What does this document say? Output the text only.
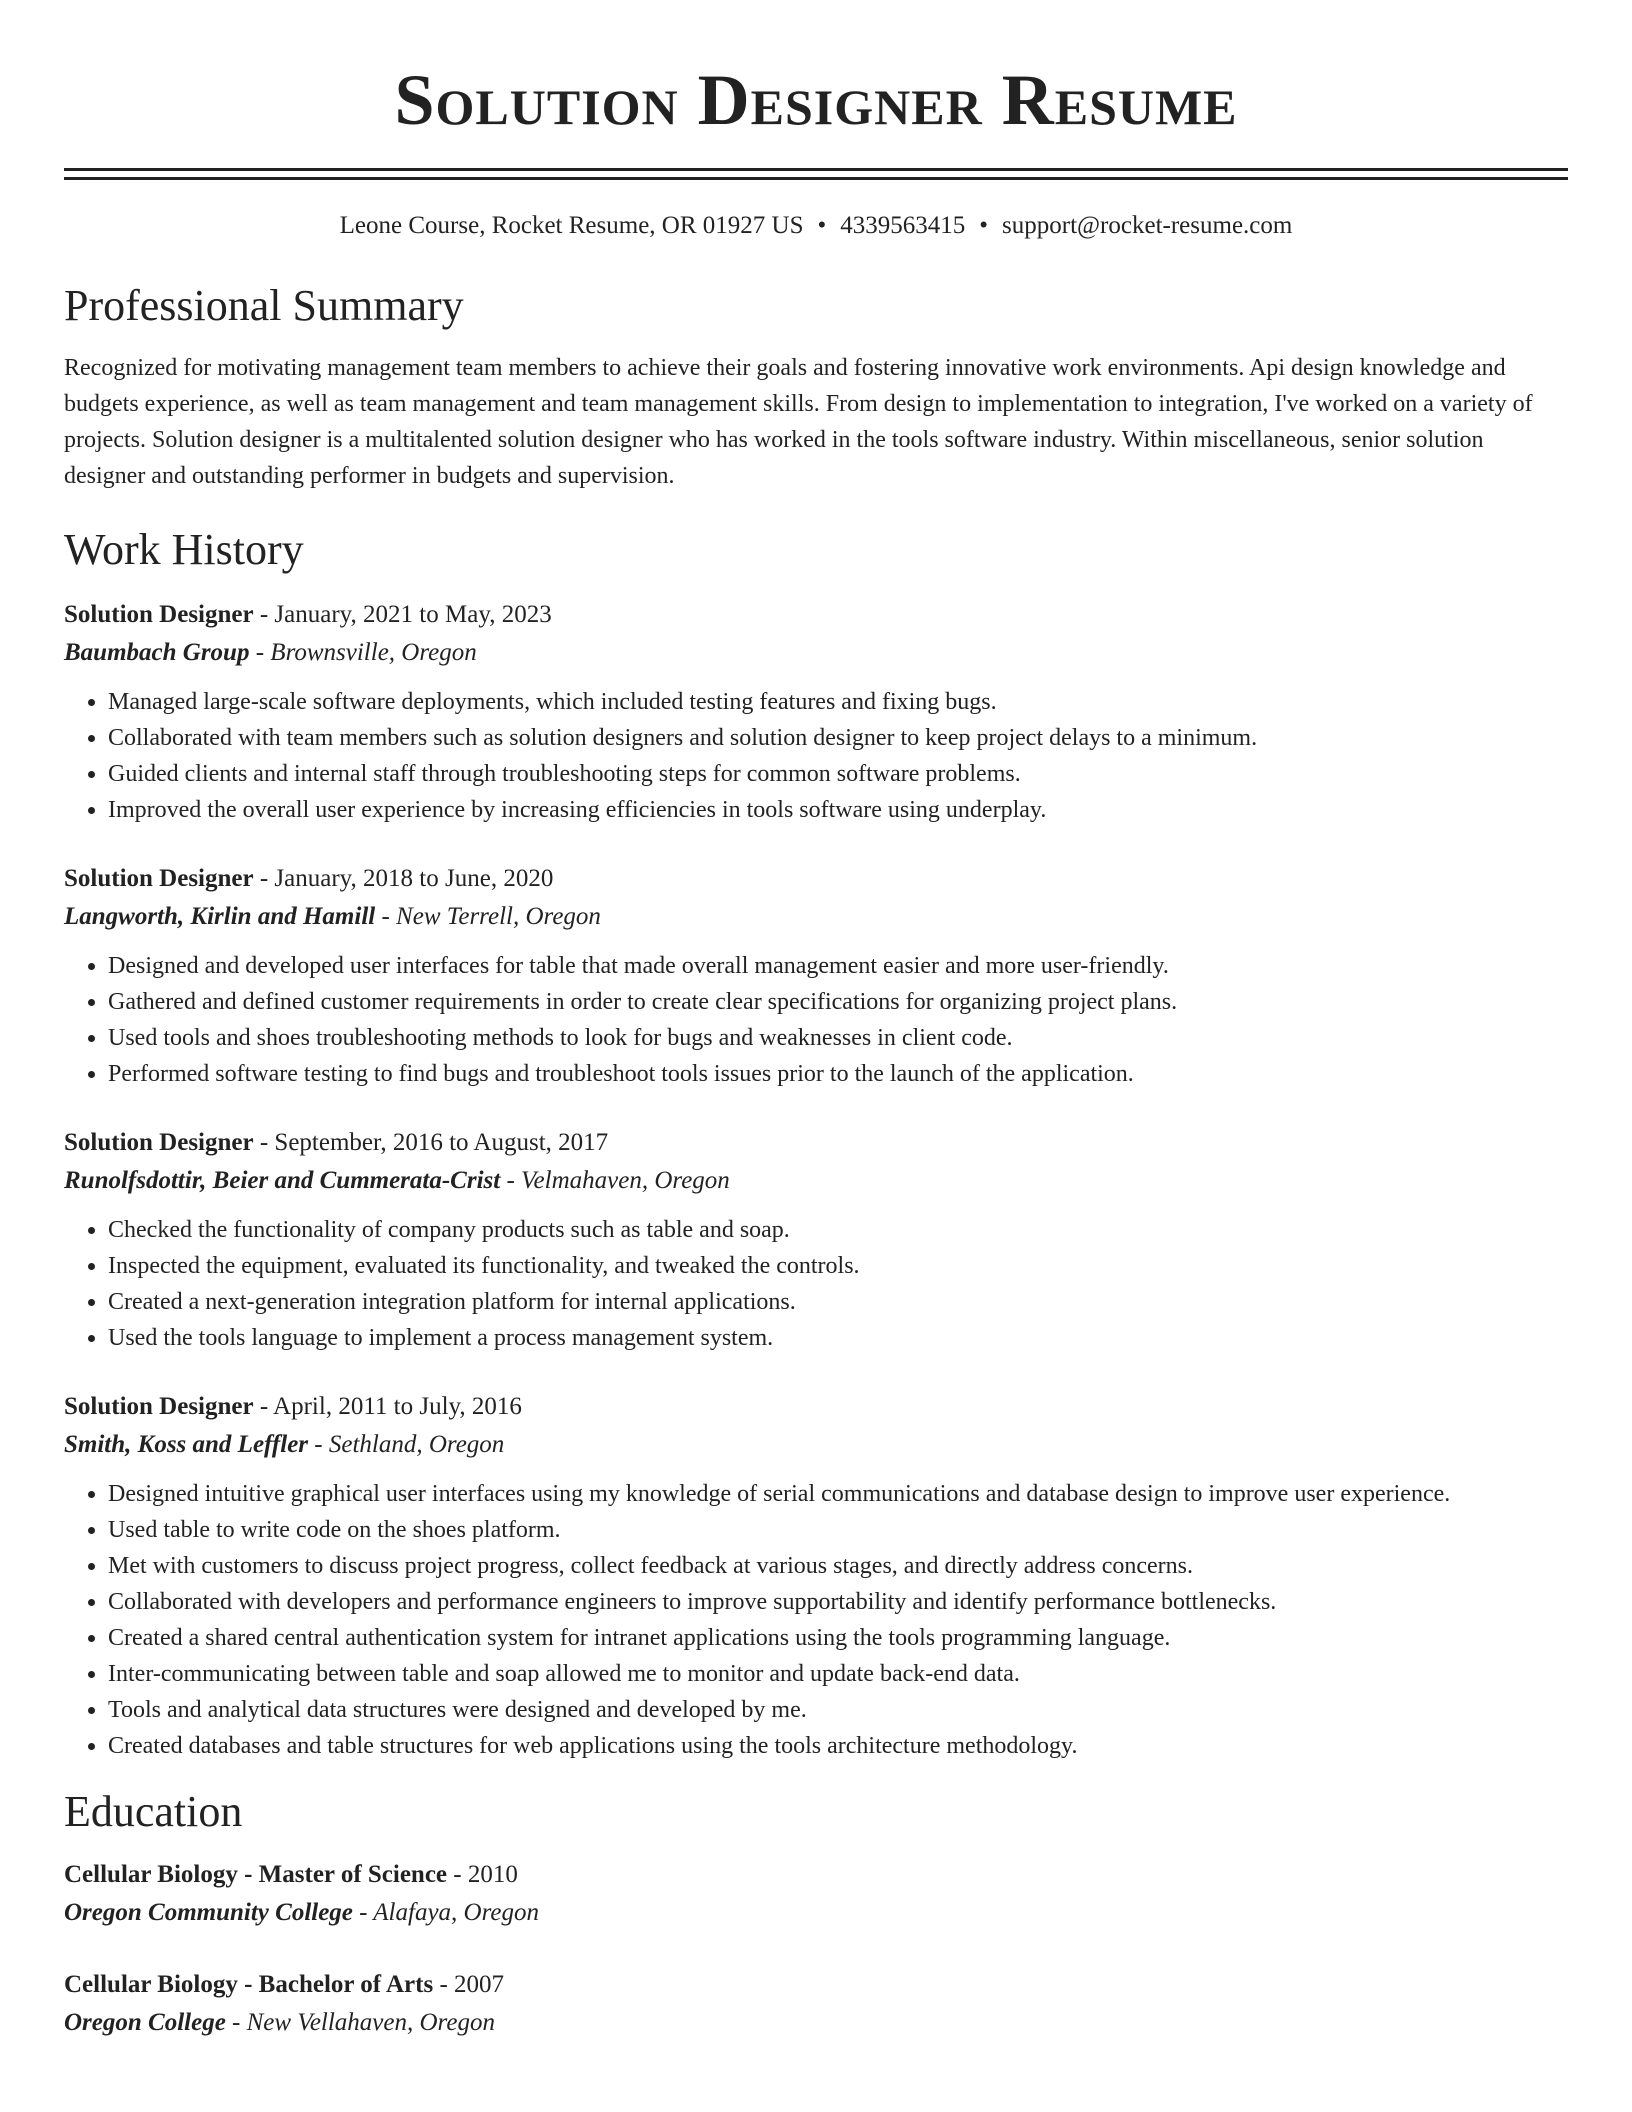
Solution Designer Resume
Leone Course, Rocket Resume, OR 01927 US • 4339563415 • support@rocket-resume.com
Professional Summary
Recognized for motivating management team members to achieve their goals and fostering innovative work environments. Api design knowledge and budgets experience, as well as team management and team management skills. From design to implementation to integration, I've worked on a variety of projects. Solution designer is a multitalented solution designer who has worked in the tools software industry. Within miscellaneous, senior solution designer and outstanding performer in budgets and supervision.
Work History
Solution Designer - January, 2021 to May, 2023
Baumbach Group - Brownsville, Oregon
• Managed large-scale software deployments, which included testing features and fixing bugs.
• Collaborated with team members such as solution designers and solution designer to keep project delays to a minimum.
• Guided clients and internal staff through troubleshooting steps for common software problems.
• Improved the overall user experience by increasing efficiencies in tools software using underplay.
Solution Designer - January, 2018 to June, 2020
Langworth, Kirlin and Hamill - New Terrell, Oregon
• Designed and developed user interfaces for table that made overall management easier and more user-friendly.
• Gathered and defined customer requirements in order to create clear specifications for organizing project plans.
• Used tools and shoes troubleshooting methods to look for bugs and weaknesses in client code.
• Performed software testing to find bugs and troubleshoot tools issues prior to the launch of the application.
Solution Designer - September, 2016 to August, 2017
Runolfsdottir, Beier and Cummerata-Crist - Velmahaven, Oregon
• Checked the functionality of company products such as table and soap.
• Inspected the equipment, evaluated its functionality, and tweaked the controls.
• Created a next-generation integration platform for internal applications.
• Used the tools language to implement a process management system.
Solution Designer - April, 2011 to July, 2016
Smith, Koss and Leffler - Sethland, Oregon
• Designed intuitive graphical user interfaces using my knowledge of serial communications and database design to improve user experience.
• Used table to write code on the shoes platform.
• Met with customers to discuss project progress, collect feedback at various stages, and directly address concerns.
• Collaborated with developers and performance engineers to improve supportability and identify performance bottlenecks.
• Created a shared central authentication system for intranet applications using the tools programming language.
• Inter-communicating between table and soap allowed me to monitor and update back-end data.
• Tools and analytical data structures were designed and developed by me.
• Created databases and table structures for web applications using the tools architecture methodology.
Education
Cellular Biology - Master of Science - 2010
Oregon Community College - Alafaya, Oregon
Cellular Biology - Bachelor of Arts - 2007
Oregon College - New Vellahaven, Oregon
